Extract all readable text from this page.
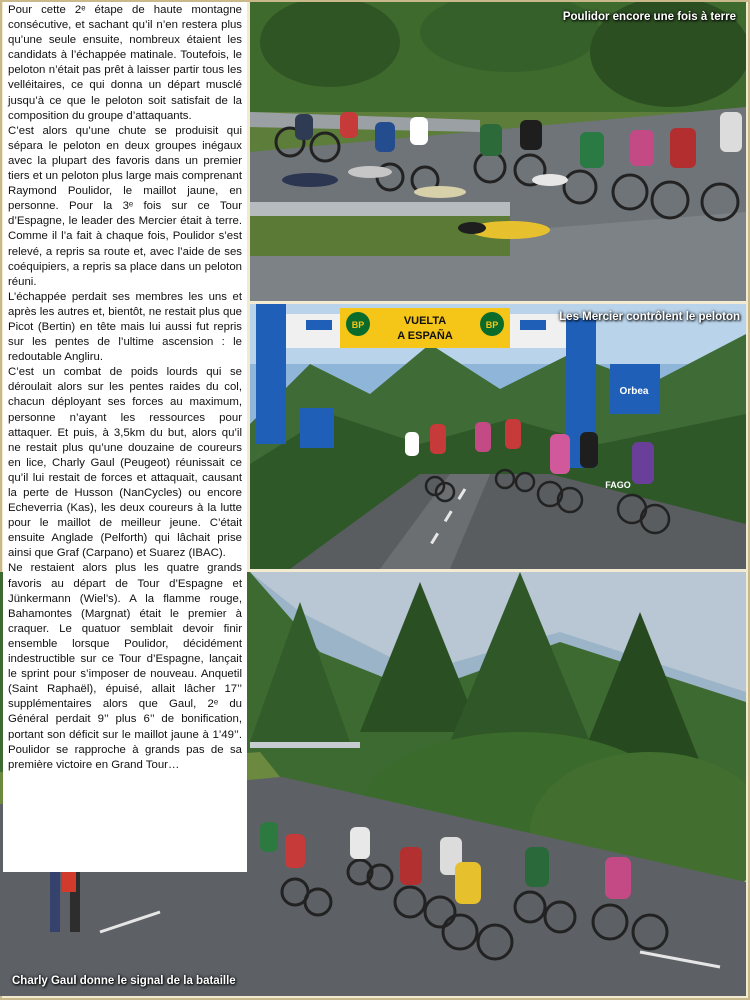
Poulidor encore une fois à terre
BP	BP
VUELTA
A ESPAÑA
Orbea
FAGO
Les Mercier contrôlent le peloton
Charly Gaul donne le signal de la bataille

Pour cette 2ᵉ étape de haute montagne consécutive, et sachant qu’il n’en restera plus qu’une seule ensuite, nombreux étaient les candidats à l’échappée matinale. Toutefois, le peloton n’était pas prêt à laisser partir tous les velléitaires, ce qui donna un départ musclé jusqu’à ce que le peloton soit satisfait de la composition du groupe d’attaquants.

C’est alors qu’une chute se produisit qui sépara le peloton en deux groupes inégaux avec la plupart des favoris dans un premier tiers et un peloton plus large mais comprenant Raymond Poulidor, le maillot jaune, en personne. Pour la 3ᵉ fois sur ce Tour d’Espagne, le leader des Mercier était à terre. Comme il l’a fait à chaque fois, Poulidor s’est relevé, a repris sa route et, avec l’aide de ses coéquipiers, a repris sa place dans un peloton réuni.

L’échappée perdait ses membres les uns et après les autres et, bientôt, ne restait plus que Picot (Bertin) en tête mais lui aussi fut repris sur les pentes de l’ultime ascension : le redoutable Angliru.

C’est un combat de poids lourds qui se déroulait alors sur les pentes raides du col, chacun déployant ses forces au maximum, personne n’ayant les ressources pour attaquer. Et puis, à 3,5km du but, alors qu’il ne restait plus qu’une douzaine de coureurs en lice, Charly Gaul (Peugeot) réunissait ce qu’il lui restait de forces et attaquait, causant la perte de Husson (NanCycles) ou encore Echeverria (Kas), les deux coureurs à la lutte pour le maillot de meilleur jeune. C’était ensuite Anglade (Pelforth) qui lâchait prise ainsi que Graf (Carpano) et Suarez (IBAC).

Ne restaient alors plus les quatre grands favoris au départ de Tour d’Espagne et Jünkermann (Wiel’s). A la flamme rouge, Bahamontes (Margnat) était le premier à craquer. Le quatuor semblait devoir finir ensemble lorsque Poulidor, décidément indestructible sur ce Tour d’Espagne, lançait le sprint pour s’imposer de nouveau. Anquetil (Saint Raphaël), épuisé, allait lâcher 17’’ supplémentaires alors que Gaul, 2ᵉ du Général perdait 9’’ plus 6’’ de bonification, portant son déficit sur le maillot jaune à 1’49’’. Poulidor se rapproche à grands pas de sa première victoire en Grand Tour…
